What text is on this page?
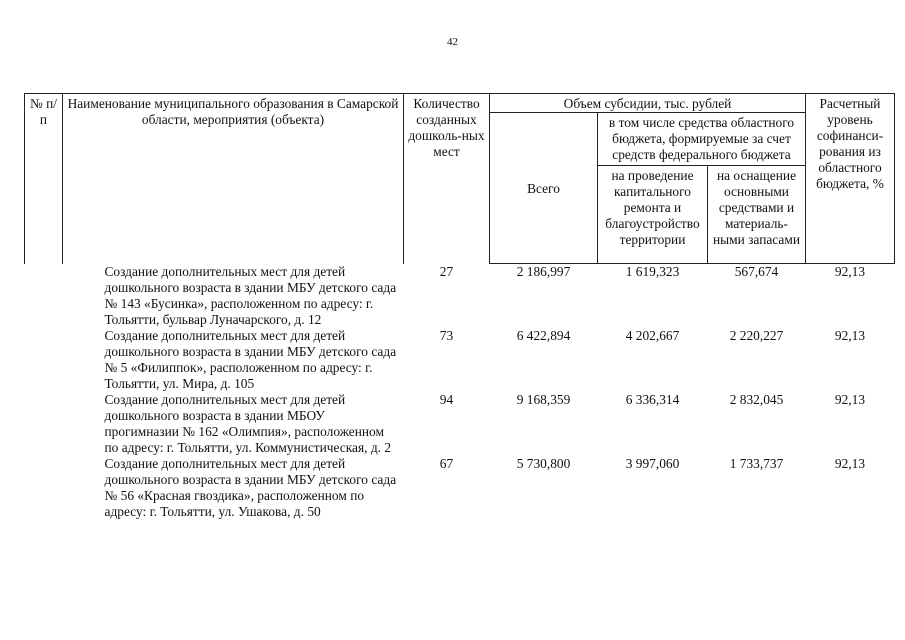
42
№ п/п	Наименование муниципального образования в Самарской области, мероприятия (объекта)	Количество созданных дошколь-ных мест	Объем субсидии, тыс. рублей			Расчетный уровень софинанси-рования из областного бюджета, %
			Всего	в том числе средства областного бюджета, формируемые за счет средств федерального бюджета		
				на проведение капитального ремонта и благоустройство территории	на оснащение основными средствами и материаль-ными запасами	
	Создание дополнительных мест для детей дошкольного возраста в здании МБУ детского сада № 143 «Бусинка», расположенном по адресу: г. Тольятти, бульвар Луначарского, д. 12	27	2 186,997	1 619,323	567,674	92,13
	Создание дополнительных мест для детей дошкольного возраста в здании МБУ детского сада № 5 «Филиппок», расположенном по адресу: г. Тольятти, ул. Мира, д. 105	73	6 422,894	4 202,667	2 220,227	92,13
	Создание дополнительных мест для детей дошкольного возраста в здании МБОУ прогимназии № 162 «Олимпия», расположенном по адресу: г. Тольятти, ул. Коммунистическая, д. 2	94	9 168,359	6 336,314	2 832,045	92,13
	Создание дополнительных мест для детей дошкольного возраста в здании МБУ детского сада № 56 «Красная гвоздика», расположенном по адресу: г. Тольятти, ул. Ушакова, д. 50	67	5 730,800	3 997,060	1 733,737	92,13
